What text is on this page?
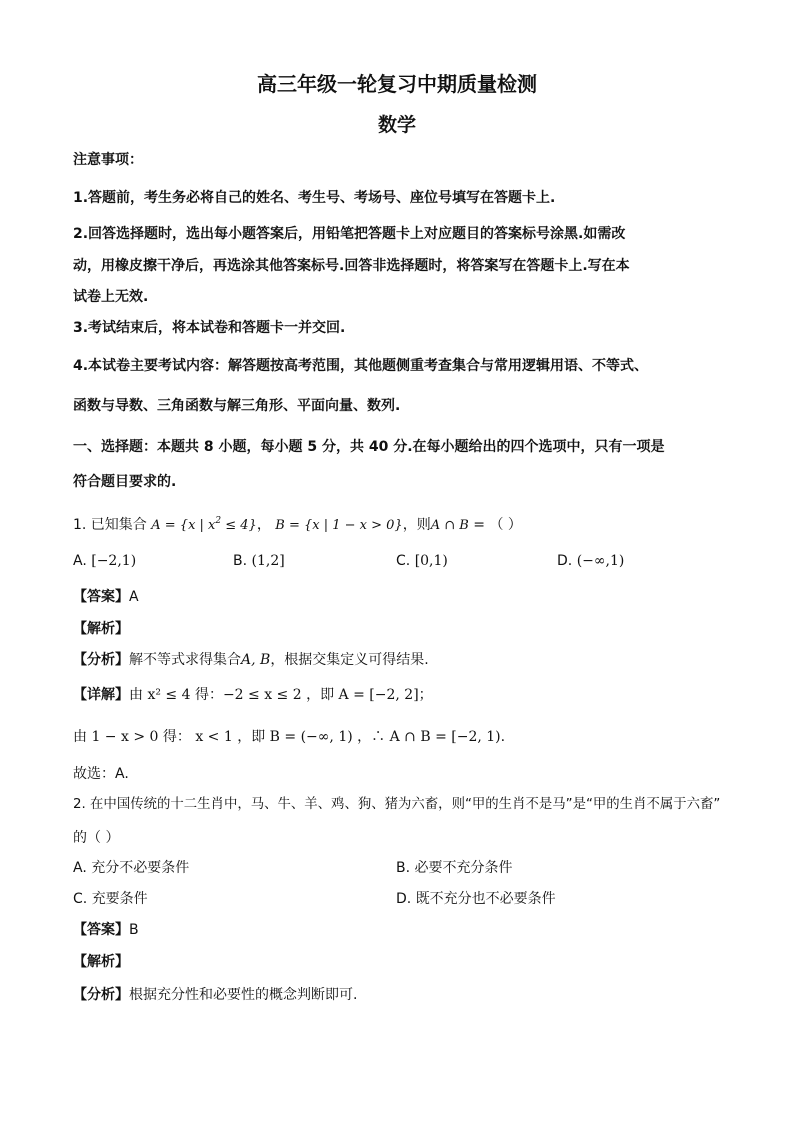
高三年级一轮复习中期质量检测
数学
注意事项：
1.答题前，考生务必将自己的姓名、考生号、考场号、座位号填写在答题卡上.
2.回答选择题时，选出每小题答案后，用铅笔把答题卡上对应题目的答案标号涂黑.如需改
动，用橡皮擦干净后，再选涂其他答案标号.回答非选择题时，将答案写在答题卡上.写在本
试卷上无效.
3.考试结束后，将本试卷和答题卡一并交回.
4.本试卷主要考试内容：解答题按高考范围，其他题侧重考查集合与常用逻辑用语、不等式、
函数与导数、三角函数与解三角形、平面向量、数列.
一、选择题：本题共 8 小题，每小题 5 分，共 40 分.在每小题给出的四个选项中，只有一项是
符合题目要求的.
1. 已知集合 A = {x | $x^2 \le 4$}， B = {x | 1 − x > 0}，则A ∩ B = （ ）
A. [−2,1)	B. (1,2]	C. [0,1)	D. (−∞,1)
【答案】A
【解析】
【分析】解不等式求得集合A, B，根据交集定义可得结果.
【详解】由 x² ≤ 4 得：−2 ≤ x ≤ 2 ，即 A = [−2, 2]；
由 1 − x > 0 得： x < 1 ，即 B = (−∞, 1) ，∴ A ∩ B = [−2, 1).
故选：A.
2. 在中国传统的十二生肖中，马、牛、羊、鸡、狗、猪为六畜，则“甲的生肖不是马”是“甲的生肖不属于六畜”
的（ ）
A. 充分不必要条件	B. 必要不充分条件
C. 充要条件	D. 既不充分也不必要条件
【答案】B
【解析】
【分析】根据充分性和必要性的概念判断即可.
